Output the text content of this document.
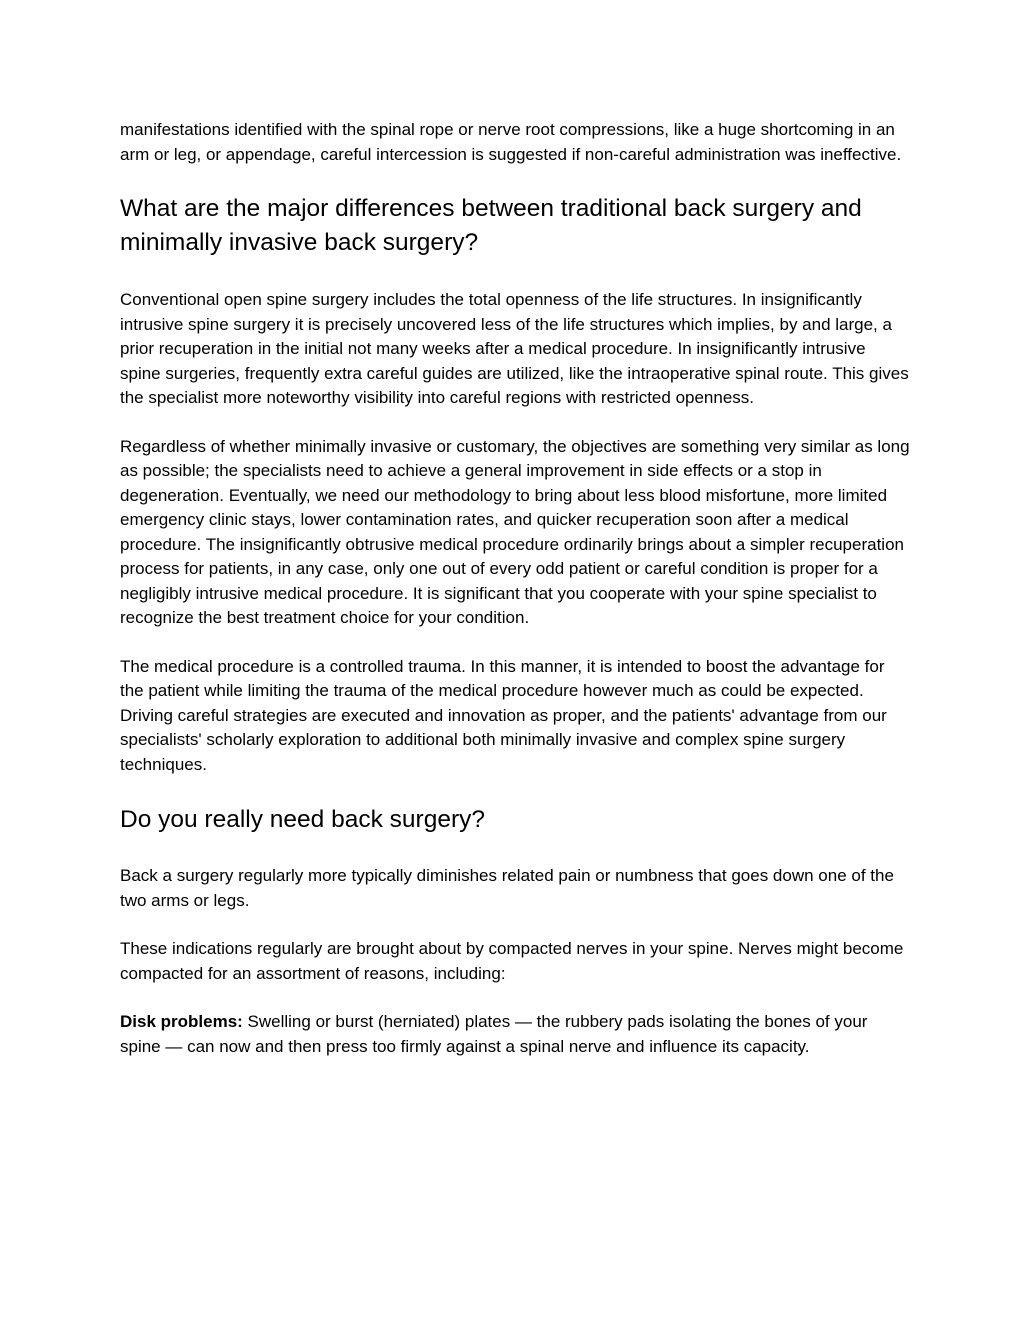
manifestations identified with the spinal rope or nerve root compressions, like a huge shortcoming in an arm or leg, or appendage, careful intercession is suggested if non-careful administration was ineffective.

What are the major differences between traditional back surgery and minimally invasive back surgery?

Conventional open spine surgery includes the total openness of the life structures. In insignificantly intrusive spine surgery it is precisely uncovered less of the life structures which implies, by and large, a prior recuperation in the initial not many weeks after a medical procedure. In insignificantly intrusive spine surgeries, frequently extra careful guides are utilized, like the intraoperative spinal route. This gives the specialist more noteworthy visibility into careful regions with restricted openness.

Regardless of whether minimally invasive or customary, the objectives are something very similar as long as possible; the specialists need to achieve a general improvement in side effects or a stop in degeneration. Eventually, we need our methodology to bring about less blood misfortune, more limited emergency clinic stays, lower contamination rates, and quicker recuperation soon after a medical procedure. The insignificantly obtrusive medical procedure ordinarily brings about a simpler recuperation process for patients, in any case, only one out of every odd patient or careful condition is proper for a negligibly intrusive medical procedure. It is significant that you cooperate with your spine specialist to recognize the best treatment choice for your condition.

The medical procedure is a controlled trauma. In this manner, it is intended to boost the advantage for the patient while limiting the trauma of the medical procedure however much as could be expected. Driving careful strategies are executed and innovation as proper, and the patients' advantage from our specialists' scholarly exploration to additional both minimally invasive and complex spine surgery techniques.

Do you really need back surgery?

Back a surgery regularly more typically diminishes related pain or numbness that goes down one of the two arms or legs.

These indications regularly are brought about by compacted nerves in your spine. Nerves might become compacted for an assortment of reasons, including:

Disk problems: Swelling or burst (herniated) plates — the rubbery pads isolating the bones of your spine — can now and then press too firmly against a spinal nerve and influence its capacity.
